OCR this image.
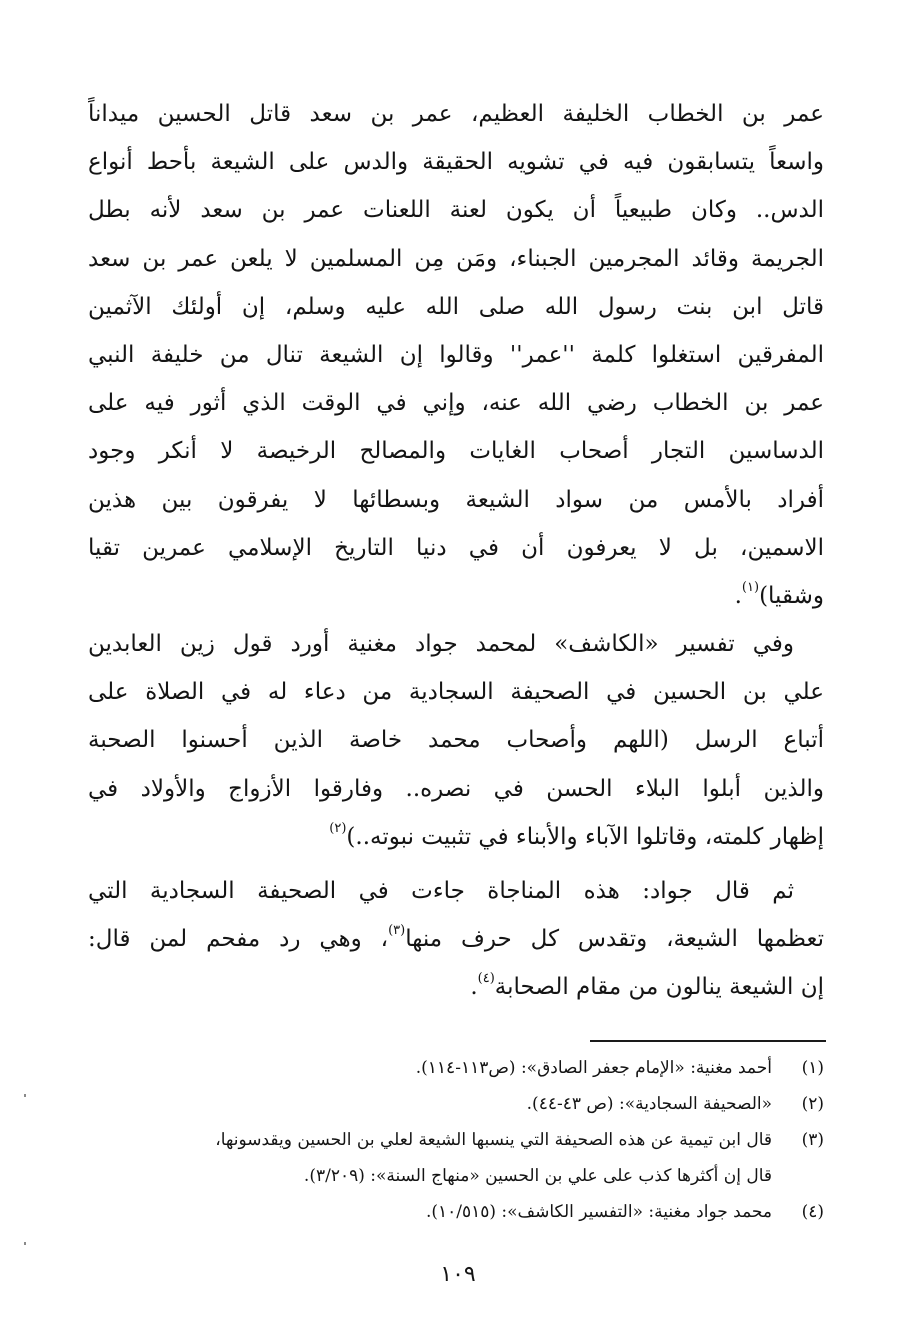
عمر بن الخطاب الخليفة العظيم، عمر بن سعد قاتل الحسين ميداناً
واسعاً يتسابقون فيه في تشويه الحقيقة والدس على الشيعة بأحط أنواع
الدس.. وكان طبيعياً أن يكون لعنة اللعنات عمر بن سعد لأنه بطل
الجريمة وقائد المجرمين الجبناء، ومَن مِن المسلمين لا يلعن عمر بن سعد
قاتل ابن بنت رسول الله صلى الله عليه وسلم، إن أولئك الآثمين
المفرقين استغلوا كلمة ''عمر'' وقالوا إن الشيعة تنال من خليفة النبي
عمر بن الخطاب رضي الله عنه، وإني في الوقت الذي أثور فيه على
الدساسين التجار أصحاب الغايات والمصالح الرخيصة لا أنكر وجود
أفراد بالأمس من سواد الشيعة وبسطائها لا يفرقون بين هذين
الاسمين، بل لا يعرفون أن في دنيا التاريخ الإسلامي عمرين تقيا
وشقيا)$^{(١)}$.
وفي تفسير «الكاشف» لمحمد جواد مغنية أورد قول زين العابدين
علي بن الحسين في الصحيفة السجادية من دعاء له في الصلاة على
أتباع الرسل (اللهم وأصحاب محمد خاصة الذين أحسنوا الصحبة
والذين أبلوا البلاء الحسن في نصره.. وفارقوا الأزواج والأولاد في
إظهار كلمته، وقاتلوا الآباء والأبناء في تثبيت نبوته..)$^{(٢)}$
ثم قال جواد: هذه المناجاة جاءت في الصحيفة السجادية التي
تعظمها الشيعة، وتقدس كل حرف منها$^{(٣)}$، وهي رد مفحم لمن قال:
إن الشيعة ينالون من مقام الصحابة$^{(٤)}$.
(١)
أحمد مغنية: «الإمام جعفر الصادق»: (ص١١٣-١١٤).
(٢)
«الصحيفة السجادية»: (ص ٤٣-٤٤).
(٣)
قال ابن تيمية عن هذه الصحيفة التي ينسبها الشيعة لعلي بن الحسين ويقدسونها،
قال إن أكثرها كذب على علي بن الحسين «منهاج السنة»: (٣/٢٠٩).
(٤)
محمد جواد مغنية: «التفسير الكاشف»: (١٠/٥١٥).
١٠٩
